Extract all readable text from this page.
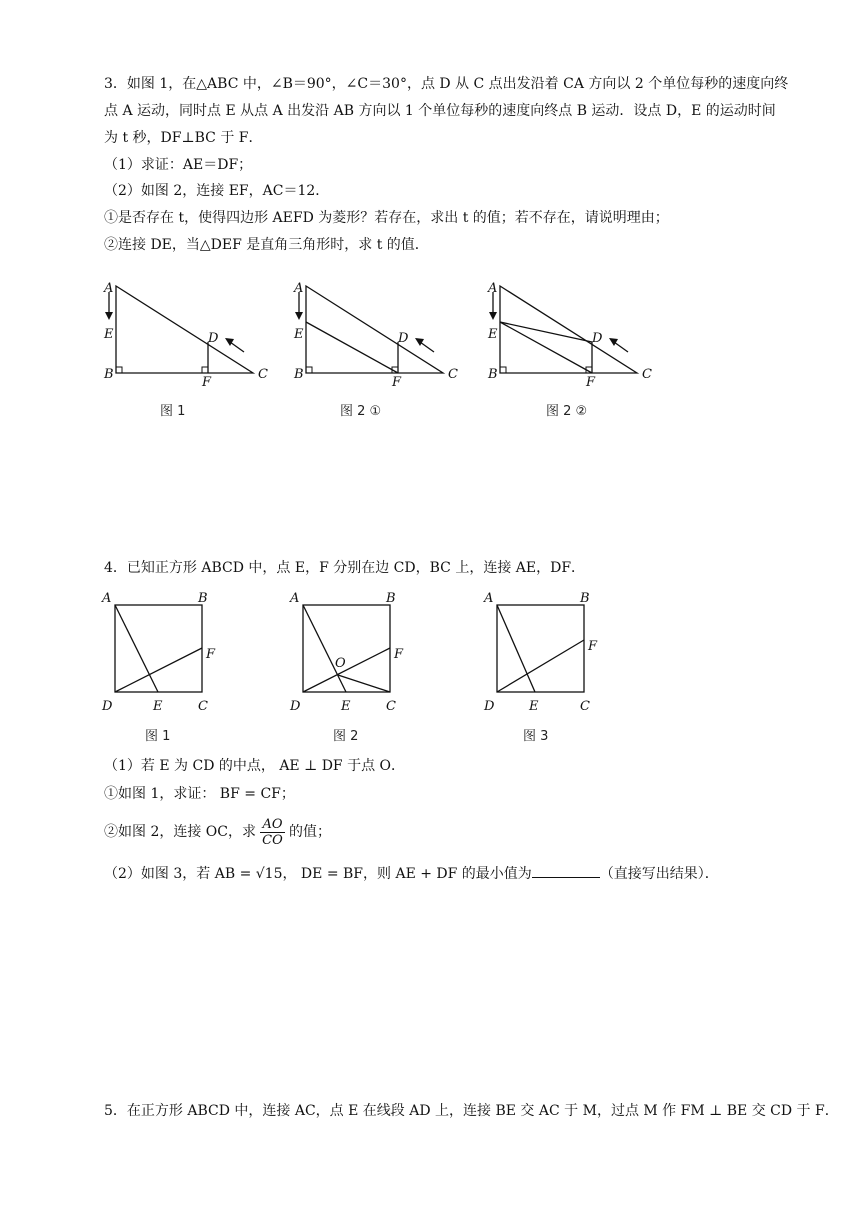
3．如图 1，在△ABC 中，∠B＝90°，∠C＝30°，点 D 从 C 点出发沿着 CA 方向以 2 个单位每秒的速度向终
点 A 运动，同时点 E 从点 A 出发沿 AB 方向以 1 个单位每秒的速度向终点 B 运动．设点 D，E 的运动时间
为 t 秒，DF⊥BC 于 F．
（1）求证：AE＝DF；
（2）如图 2，连接 EF，AC＝12．
①是否存在 t，使得四边形 AEFD 为菱形？若存在，求出 t 的值；若不存在，请说明理由；
②连接 DE，当△DEF 是直角三角形时，求 t 的值．
A
E
B
D
F
C
图 1
A
E
B
D
F
C
图 2 ①
A
E
B
D
F
C
图 2 ②
4．已知正方形 ABCD 中，点 E，F 分别在边 CD，BC 上，连接 AE，DF．
A	B
D	E	C
F
图 1
A	B
D	E	C
F
O
图 2
A	B
D	E	C
F
图 3
（1）若 E 为 CD 的中点， AE ⊥ DF 于点 O．
①如图 1，求证： BF = CF；
②如图 2，连接 OC，求 $\frac{AO}{CO}$ 的值；
（2）如图 3，若 AB = √15， DE = BF，则 AE + DF 的最小值为	（直接写出结果）．
5．在正方形 ABCD 中，连接 AC，点 E 在线段 AD 上，连接 BE 交 AC 于 M，过点 M 作 FM ⊥ BE 交 CD 于 F．
